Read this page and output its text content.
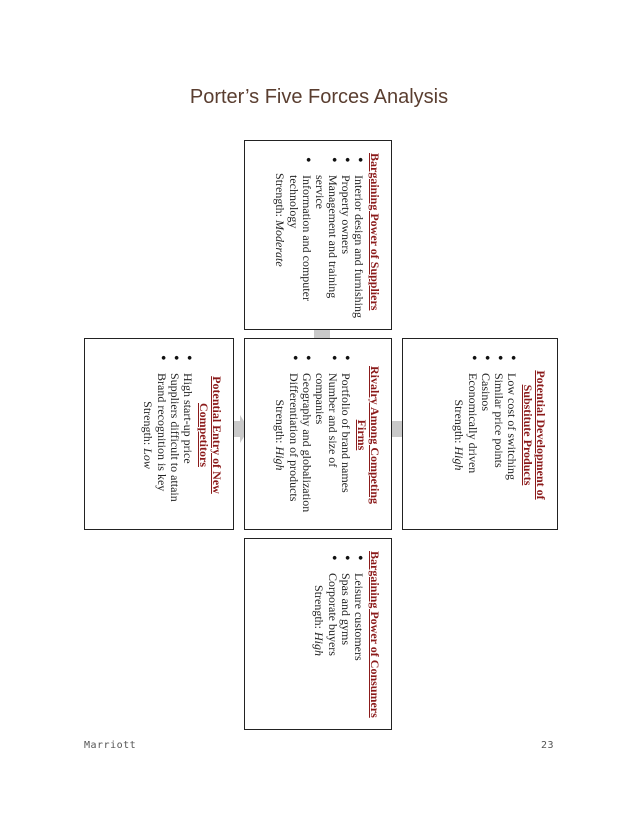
Porter’s Five Forces Analysis
Bargaining Power of Suppliers
• Interior design and furnishing
• Property owners
• Management and training service
• Information and computer technology
Strength: Moderate
Potential Development of Substitute Products
• Low cost of switching
• Similar price points
• Casinos
• Economically driven
Strength: High
Rivalry Among Competing Firms
• Portfolio of brand names
• Number and size of companies
• Geography and globalization
• Differentiation of products
Strength: High
Potential Entry of New Competitors
• High start-up price
• Suppliers difficult to attain
• Brand recognition is key
Strength: Low
Bargaining Power of Consumers
• Leisure customers
• Spas and gyms
• Corporate buyers
Strength: High
Marriott	23
